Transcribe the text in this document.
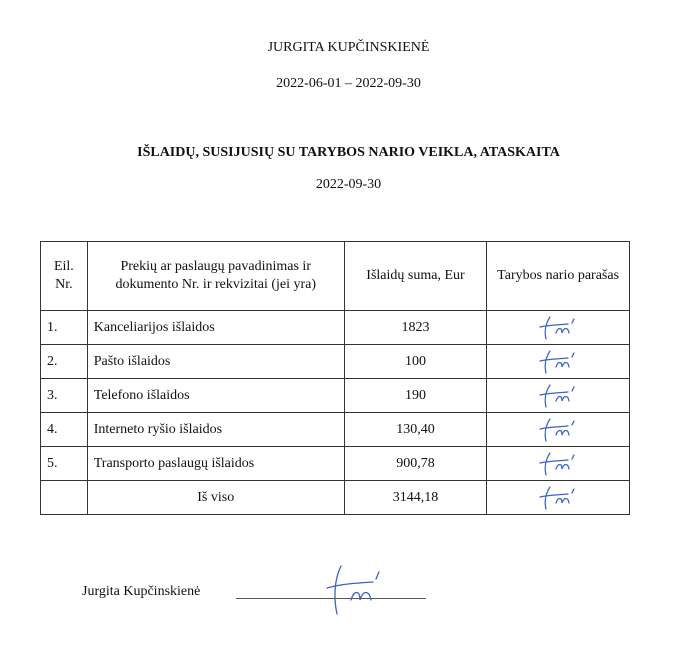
JURGITA KUPČINSKIENĖ
2022-06-01 – 2022-09-30
IŠLAIDŲ, SUSIJUSIŲ SU TARYBOS NARIO VEIKLA, ATASKAITA
2022-09-30
Eil. Nr.	Prekių ar paslaugų pavadinimas ir dokumento Nr. ir rekvizitai (jei yra)	Išlaidų suma, Eur	Tarybos nario parašas
1.	Kanceliarijos išlaidos	1823	

2.	Pašto išlaidos	100	

3.	Telefono išlaidos	190	

4.	Interneto ryšio išlaidos	130,40	

5.	Transporto paslaugų išlaidos	900,78	

	Iš viso	3144,18	
Jurgita Kupčinskienė
